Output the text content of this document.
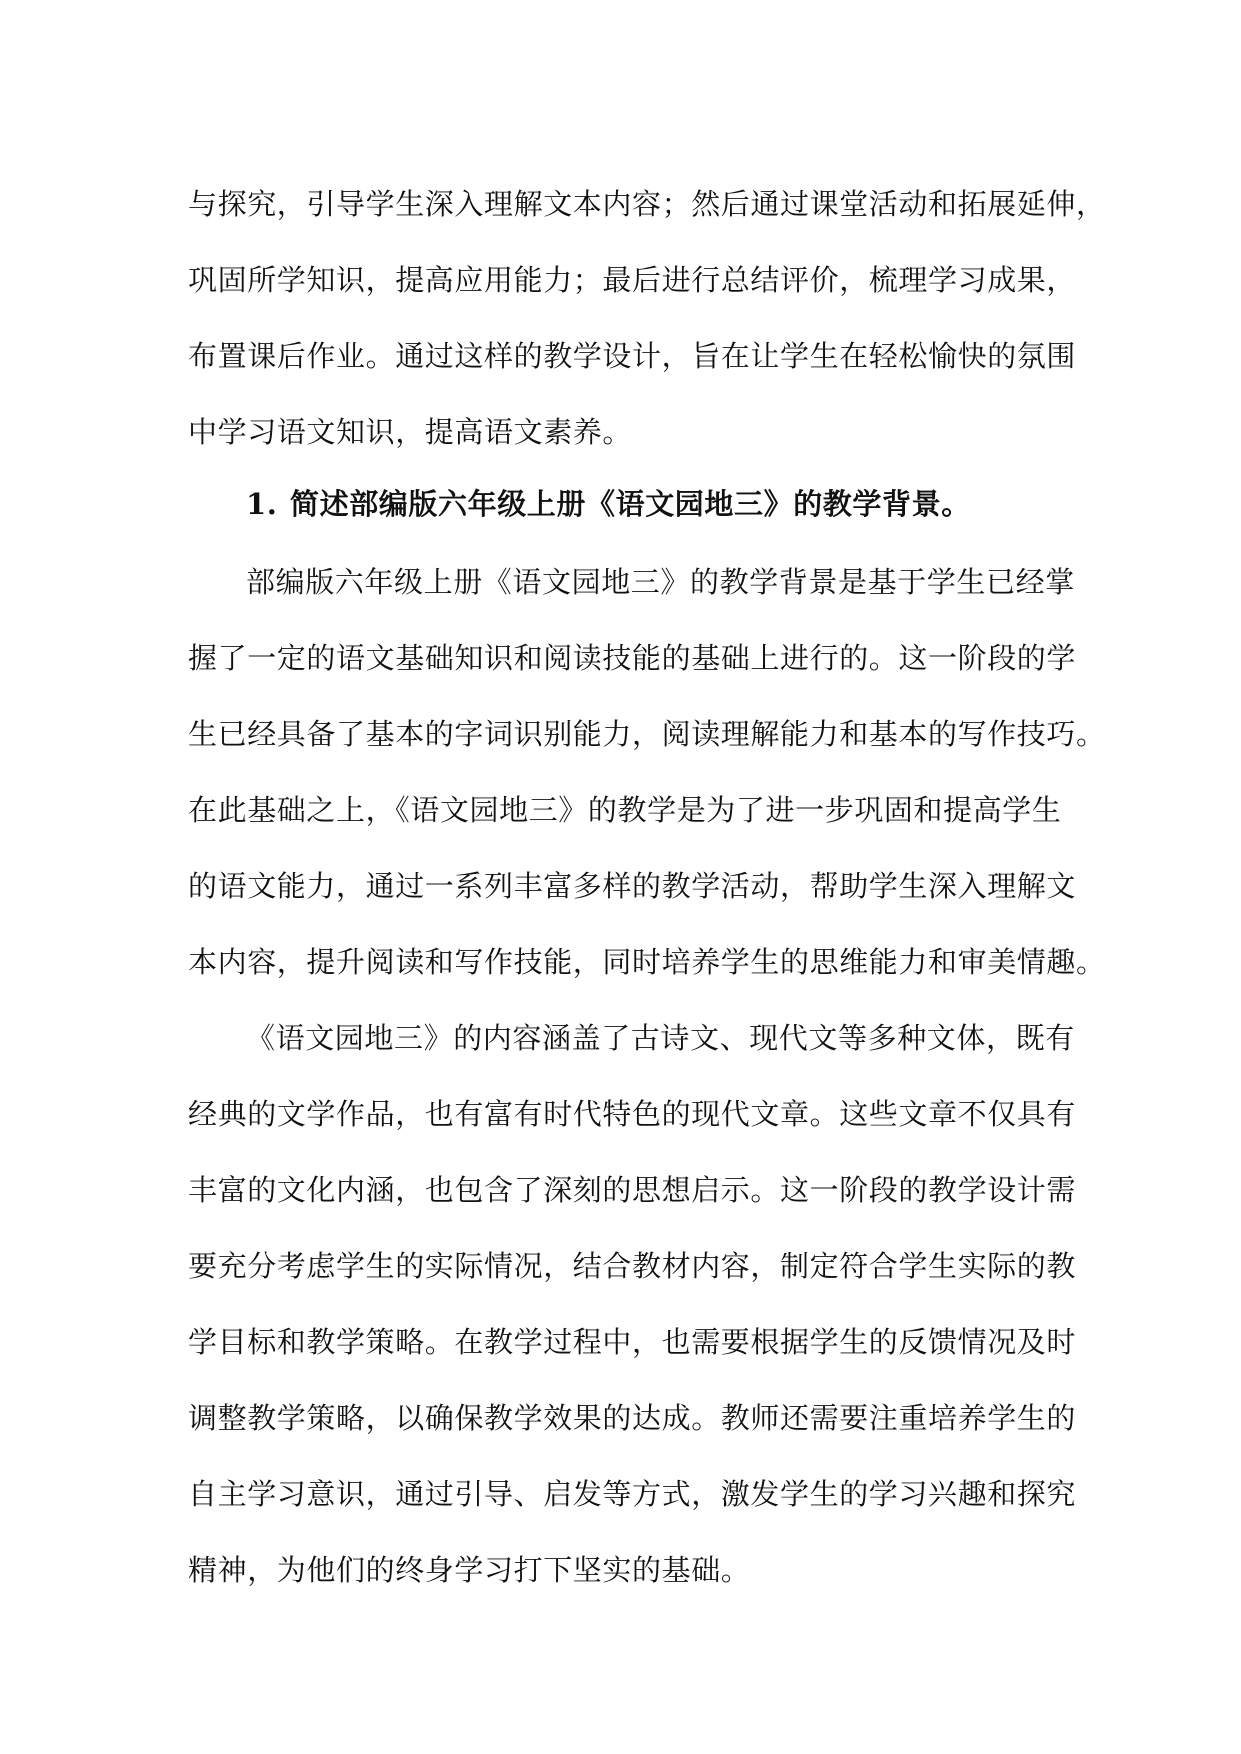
与探究，引导学生深入理解文本内容；然后通过课堂活动和拓展延伸，
巩固所学知识，提高应用能力；最后进行总结评价，梳理学习成果，
布置课后作业。通过这样的教学设计，旨在让学生在轻松愉快的氛围
中学习语文知识，提高语文素养。
1. 简述部编版六年级上册《语文园地三》的教学背景。
部编版六年级上册《语文园地三》的教学背景是基于学生已经掌
握了一定的语文基础知识和阅读技能的基础上进行的。这一阶段的学
生已经具备了基本的字词识别能力，阅读理解能力和基本的写作技巧。
在此基础之上，《语文园地三》的教学是为了进一步巩固和提高学生
的语文能力，通过一系列丰富多样的教学活动，帮助学生深入理解文
本内容，提升阅读和写作技能，同时培养学生的思维能力和审美情趣。
《语文园地三》的内容涵盖了古诗文、现代文等多种文体，既有
经典的文学作品，也有富有时代特色的现代文章。这些文章不仅具有
丰富的文化内涵，也包含了深刻的思想启示。这一阶段的教学设计需
要充分考虑学生的实际情况，结合教材内容，制定符合学生实际的教
学目标和教学策略。在教学过程中，也需要根据学生的反馈情况及时
调整教学策略，以确保教学效果的达成。教师还需要注重培养学生的
自主学习意识，通过引导、启发等方式，激发学生的学习兴趣和探究
精神，为他们的终身学习打下坚实的基础。
